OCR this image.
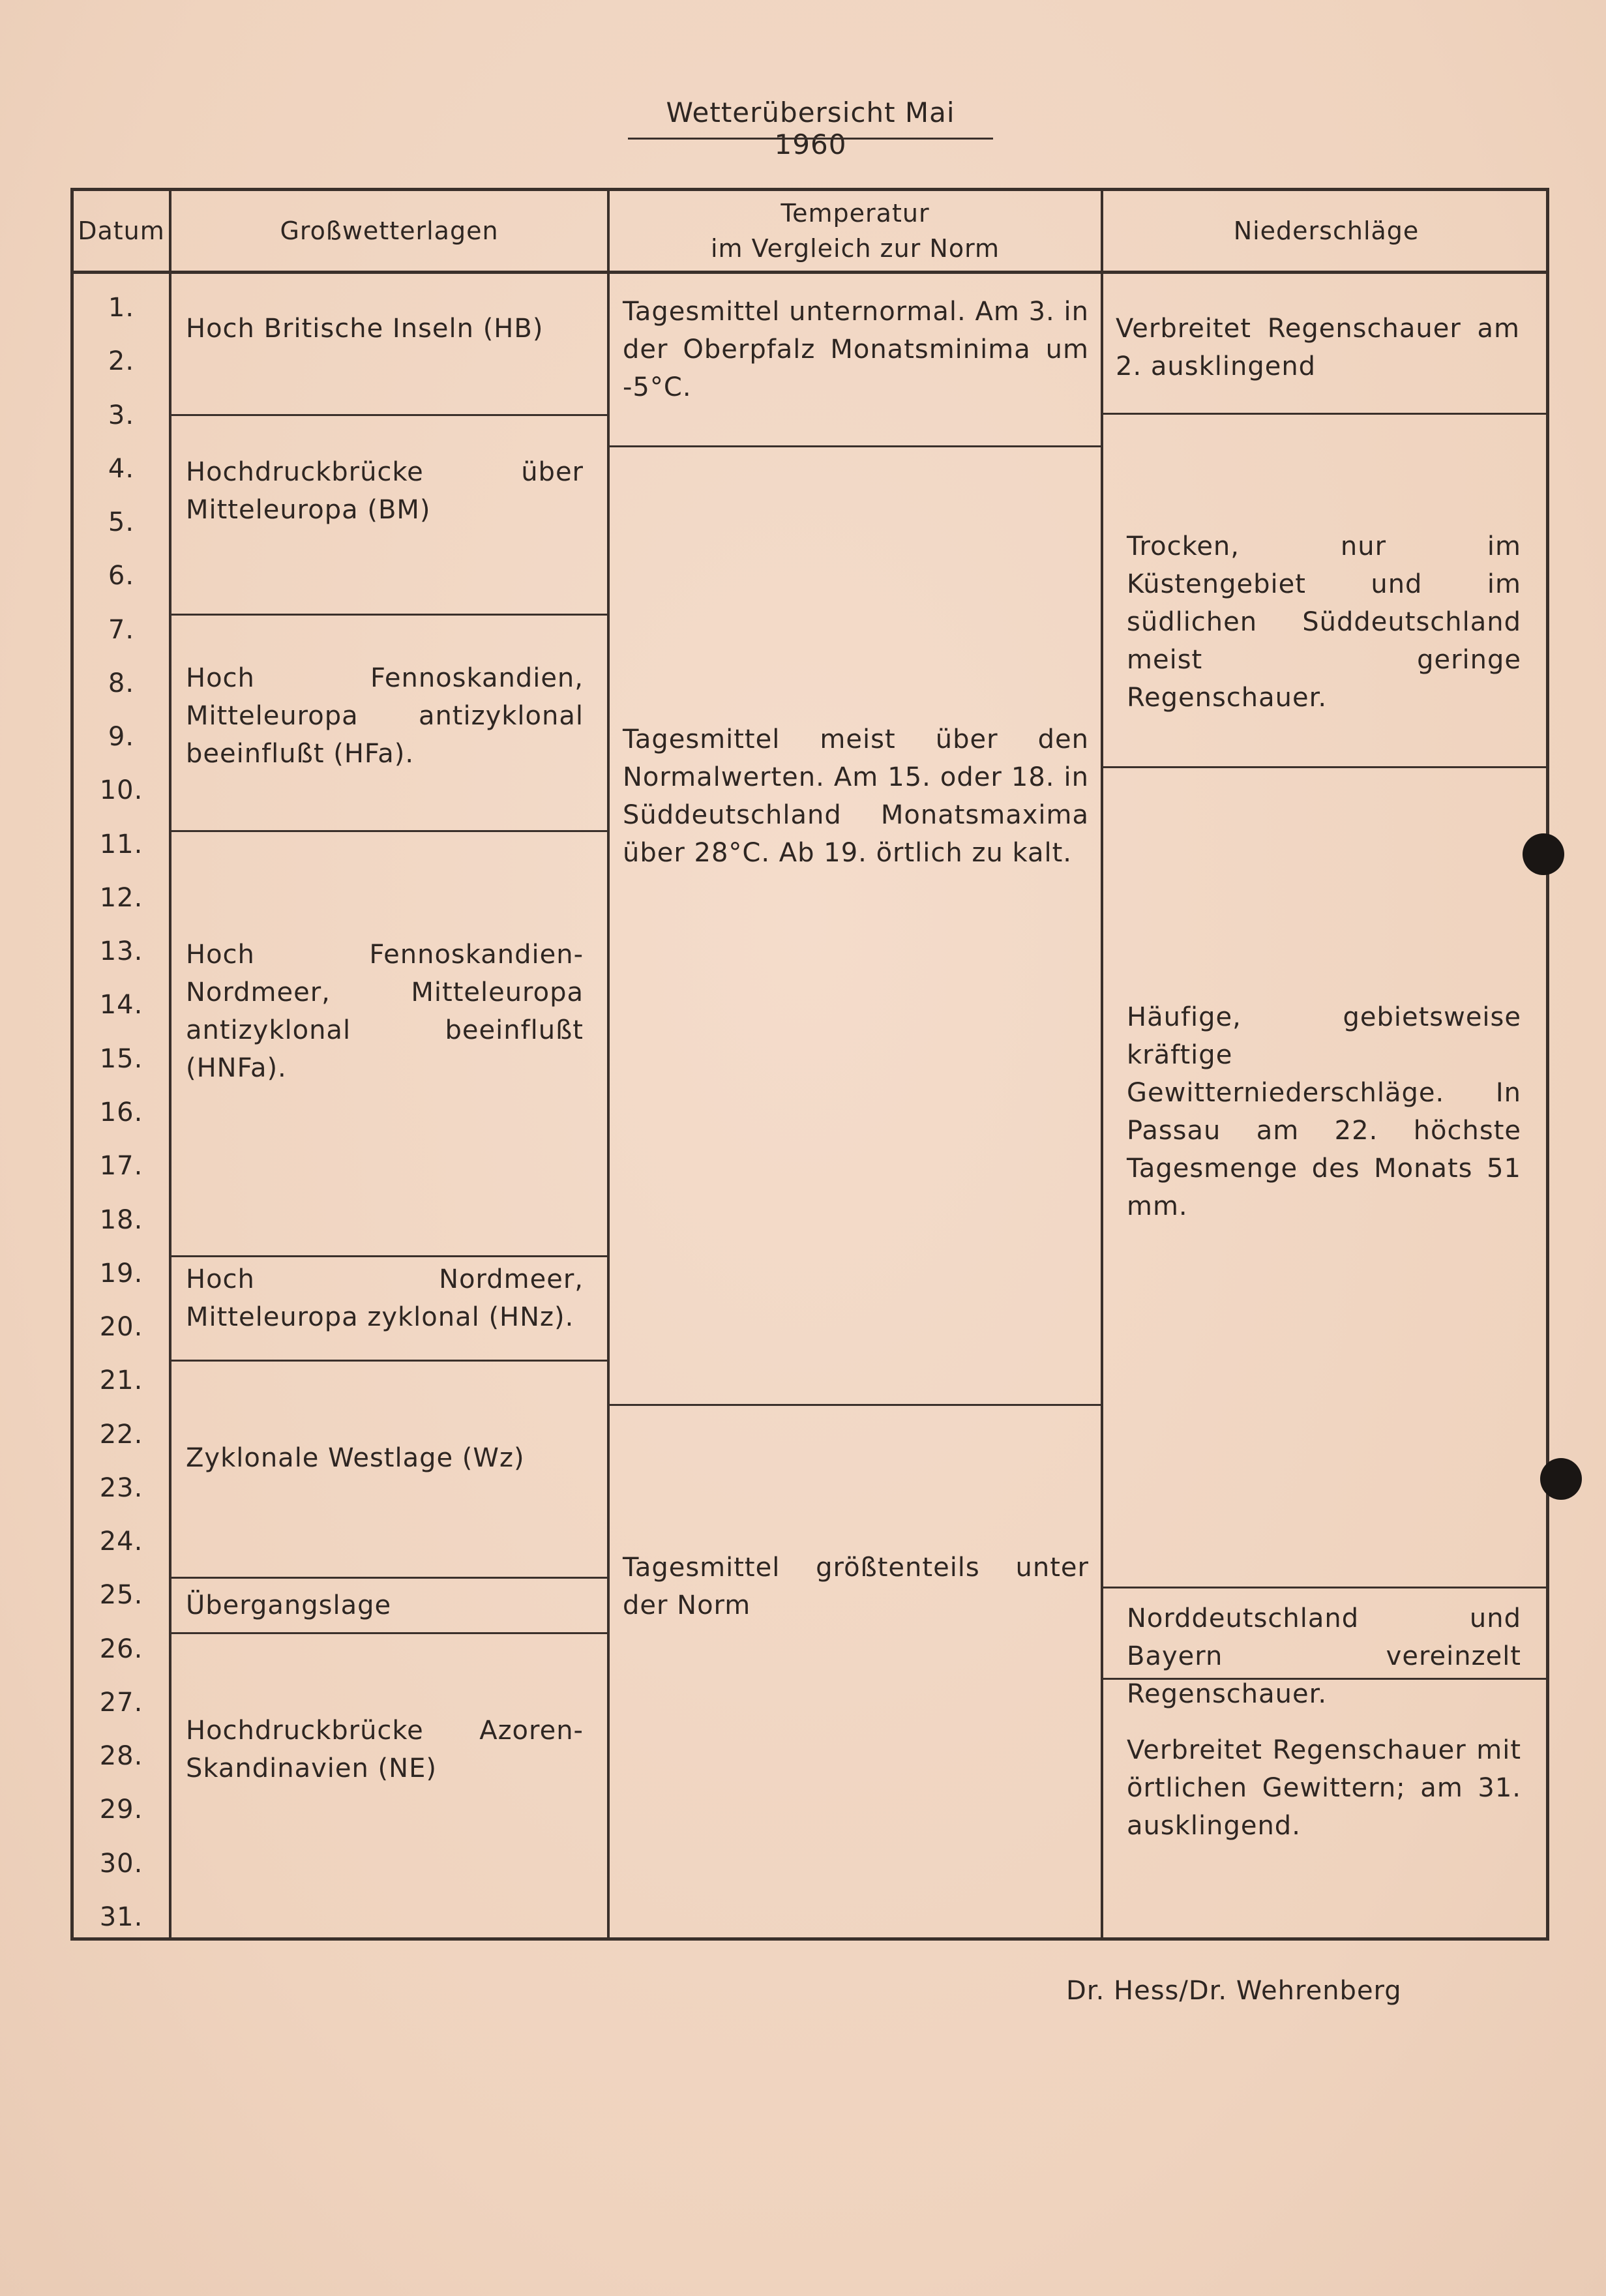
Wetterübersicht Mai 1960
Datum	Großwetterlagen
Temperatur
im Vergleich zur Norm
Niederschläge
1.
2.
3.
4.
5.
6.
7.
8.
9.
10.
11.
12.
13.
14.
15.
16.
17.
18.
19.
20.
21.
22.
23.
24.
25.
26.
27.
28.
29.
30.
31.
Hoch Britische Inseln (HB)
Hochdruckbrücke über Mitteleuropa (BM)
Hoch Fennoskandien, Mitteleuropa antizyklonal beeinflußt (HFa).
Hoch Fennoskandien-Nordmeer, Mitteleuropa antizyklonal beeinflußt (HNFa).
Hoch Nordmeer, Mitteleuropa zyklonal (HNz).
Zyklonale Westlage (Wz)
Übergangslage
Hochdruckbrücke Azoren-Skandinavien (NE)
Tagesmittel unternormal. Am 3. in der Oberpfalz Monatsminima um -5°C.
Tagesmittel meist über den Normalwerten. Am 15. oder 18. in Süddeutschland Monatsmaxima über 28°C. Ab 19. örtlich zu kalt.
Tagesmittel größtenteils unter der Norm
Verbreitet Regenschauer am 2. ausklingend
Trocken, nur im Küstengebiet und im südlichen Süddeutschland meist geringe Regenschauer.
Häufige, gebietsweise kräftige Gewitterniederschläge. In Passau am 22. höchste Tagesmenge des Monats 51 mm.
Norddeutschland und Bayern vereinzelt Regenschauer.
Verbreitet Regenschauer mit örtlichen Gewittern; am 31. ausklingend.
Dr. Hess/Dr. Wehrenberg
